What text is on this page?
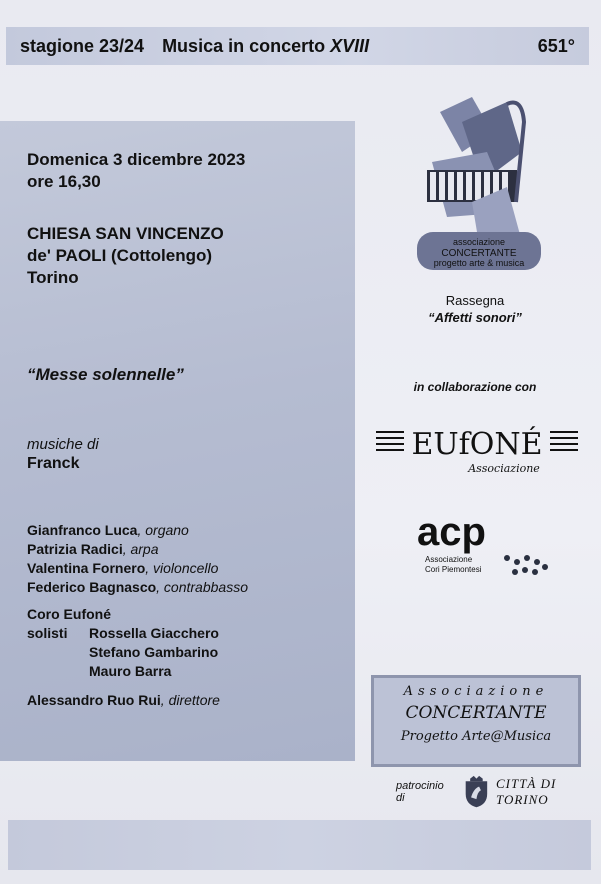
stagione 23/24 Musica in concerto XVIII	651°
Domenica 3 dicembre 2023
ore 16,30
CHIESA SAN VINCENZO
de' PAOLI (Cottolengo)
Torino
“Messe solennelle”
musiche di
Franck
Gianfranco Luca, organo
Patrizia Radici, arpa
Valentina Fornero, violoncello
Federico Bagnasco, contrabbasso
Coro Eufoné
solisti	Rossella Giacchero
Stefano Gambarino
Mauro Barra
Alessandro Ruo Rui, direttore
associazione
CONCERTANTE
progetto arte & musica
Rassegna
“Affetti sonori”
in collaborazione con
EUfONÉ
Associazione
acp
Associazione
Cori Piemontesi
Associazione
CONCERTANTE
Progetto Arte@Musica
patrocinio di
CITTÀ DI TORINO
